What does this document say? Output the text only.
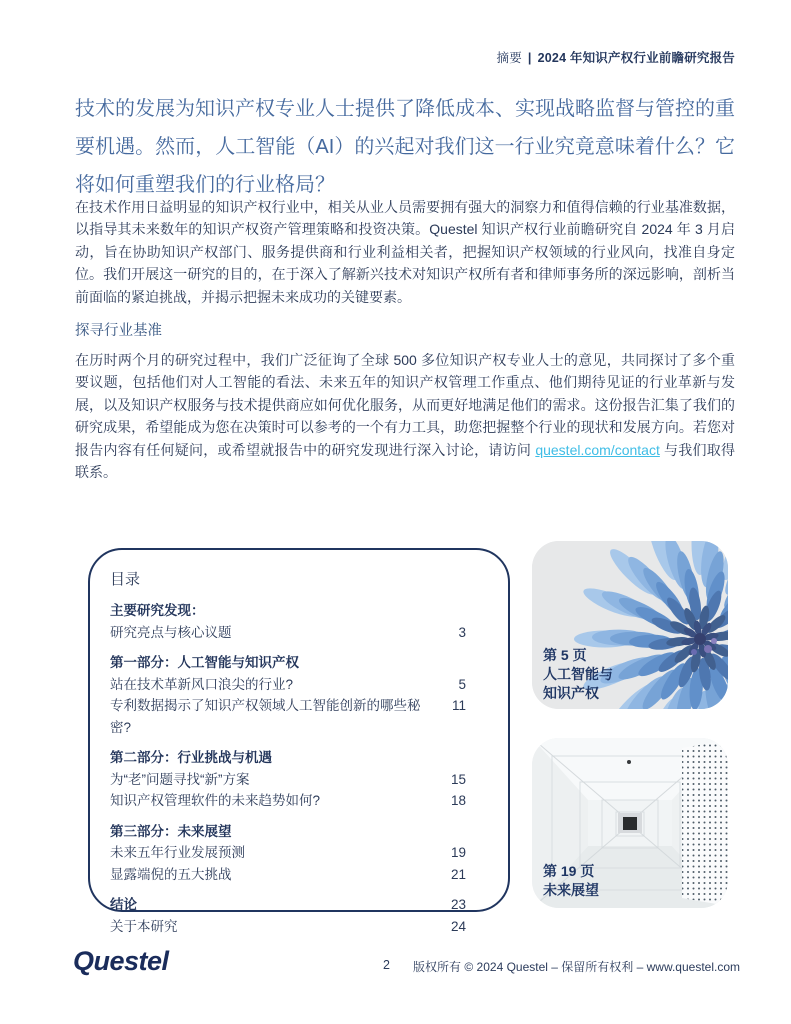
摘要 | 2024 年知识产权行业前瞻研究报告
技术的发展为知识产权专业人士提供了降低成本、实现战略监督与管控的重要机遇。然而，人工智能（AI）的兴起对我们这一行业究竟意味着什么？它将如何重塑我们的行业格局？
在技术作用日益明显的知识产权行业中，相关从业人员需要拥有强大的洞察力和值得信赖的行业基准数据，以指导其未来数年的知识产权资产管理策略和投资决策。Questel 知识产权行业前瞻研究自 2024 年 3 月启动，旨在协助知识产权部门、服务提供商和行业利益相关者，把握知识产权领域的行业风向，找准自身定位。我们开展这一研究的目的，在于深入了解新兴技术对知识产权所有者和律师事务所的深远影响，剖析当前面临的紧迫挑战，并揭示把握未来成功的关键要素。
探寻行业基准
在历时两个月的研究过程中，我们广泛征询了全球 500 多位知识产权专业人士的意见，共同探讨了多个重要议题，包括他们对人工智能的看法、未来五年的知识产权管理工作重点、他们期待见证的行业革新与发展，以及知识产权服务与技术提供商应如何优化服务，从而更好地满足他们的需求。这份报告汇集了我们的研究成果，希望能成为您在决策时可以参考的一个有力工具，助您把握整个行业的现状和发展方向。若您对报告内容有任何疑问，或希望就报告中的研究发现进行深入讨论，请访问 questel.com/contact 与我们取得联系。
目录
主要研究发现：
研究亮点与核心议题	3
第一部分：人工智能与知识产权
站在技术革新风口浪尖的行业?	5
专利数据揭示了知识产权领域人工智能创新的哪些秘密?
11
第二部分：行业挑战与机遇
为“老”问题寻找“新”方案	15
知识产权管理软件的未来趋势如何?	18
第三部分：未来展望
未来五年行业发展预测	19
显露端倪的五大挑战	21
结论	23
关于本研究	24
第 5 页
人工智能与
知识产权
第 19 页
未来展望
Questel	2 版权所有 © 2024 Questel – 保留所有权利 – www.questel.com
